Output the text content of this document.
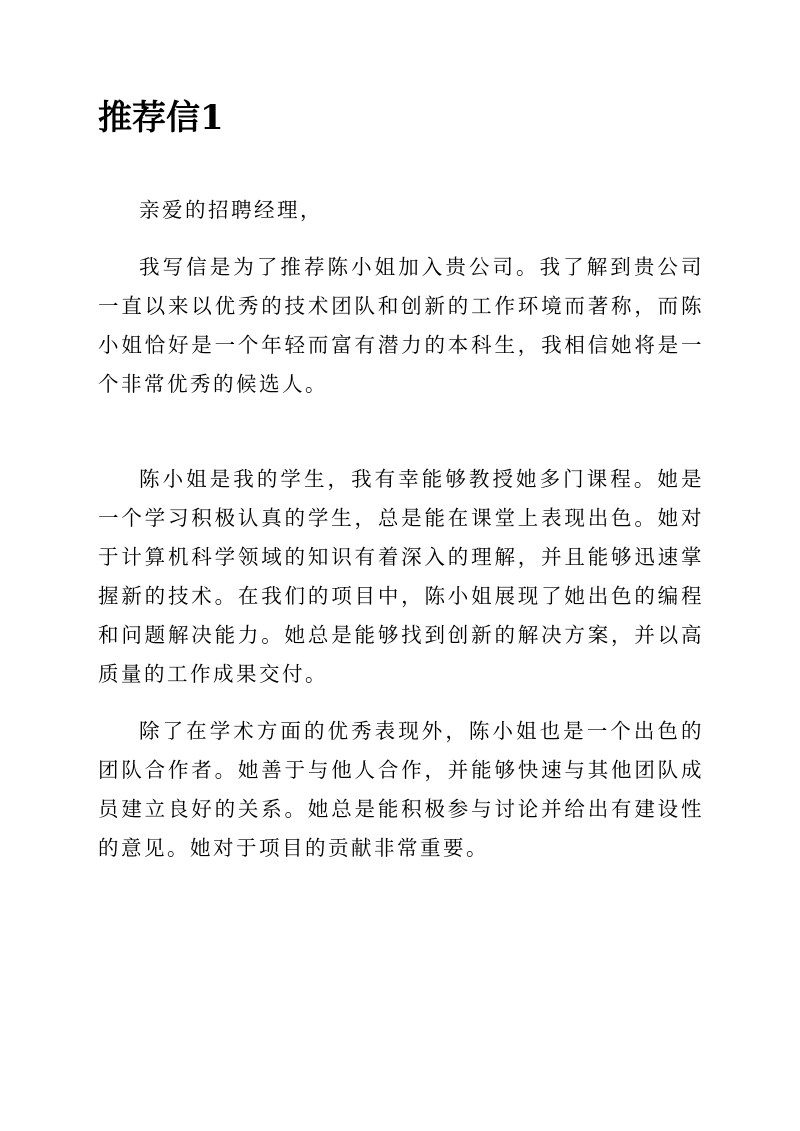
推荐信1

亲爱的招聘经理，

我写信是为了推荐陈小姐加入贵公司。我了解到贵公司一直以来以优秀的技术团队和创新的工作环境而著称，而陈小姐恰好是一个年轻而富有潜力的本科生，我相信她将是一个非常优秀的候选人。

陈小姐是我的学生，我有幸能够教授她多门课程。她是一个学习积极认真的学生，总是能在课堂上表现出色。她对于计算机科学领域的知识有着深入的理解，并且能够迅速掌握新的技术。在我们的项目中，陈小姐展现了她出色的编程和问题解决能力。她总是能够找到创新的解决方案，并以高质量的工作成果交付。

除了在学术方面的优秀表现外，陈小姐也是一个出色的团队合作者。她善于与他人合作，并能够快速与其他团队成员建立良好的关系。她总是能积极参与讨论并给出有建设性的意见。她对于项目的贡献非常重要。
